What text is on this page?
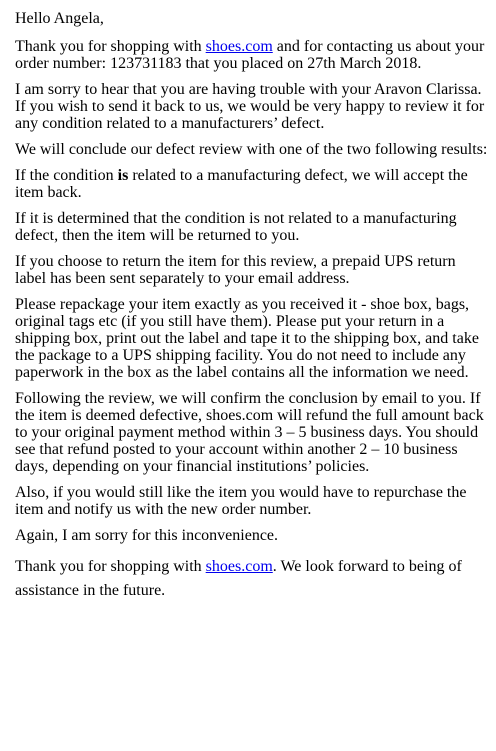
Hello Angela,

Thank you for shopping with shoes.com and for contacting us about your order number: 123731183 that you placed on 27th March 2018.

I am sorry to hear that you are having trouble with your Aravon Clarissa. If you wish to send it back to us, we would be very happy to review it for any condition related to a manufacturers’ defect.

We will conclude our defect review with one of the two following results:

If the condition is related to a manufacturing defect, we will accept the item back.

If it is determined that the condition is not related to a manufacturing defect, then the item will be returned to you.

If you choose to return the item for this review, a prepaid UPS return label has been sent separately to your email address.

Please repackage your item exactly as you received it - shoe box, bags, original tags etc (if you still have them). Please put your return in a shipping box, print out the label and tape it to the shipping box, and take the package to a UPS shipping facility. You do not need to include any paperwork in the box as the label contains all the information we need.

Following the review, we will confirm the conclusion by email to you. If the item is deemed defective, shoes.com will refund the full amount back to your original payment method within 3 – 5 business days. You should see that refund posted to your account within another 2 – 10 business days, depending on your financial institutions’ policies.

Also, if you would still like the item you would have to repurchase the item and notify us with the new order number.

Again, I am sorry for this inconvenience.

Thank you for shopping with shoes.com. We look forward to being of assistance in the future.
